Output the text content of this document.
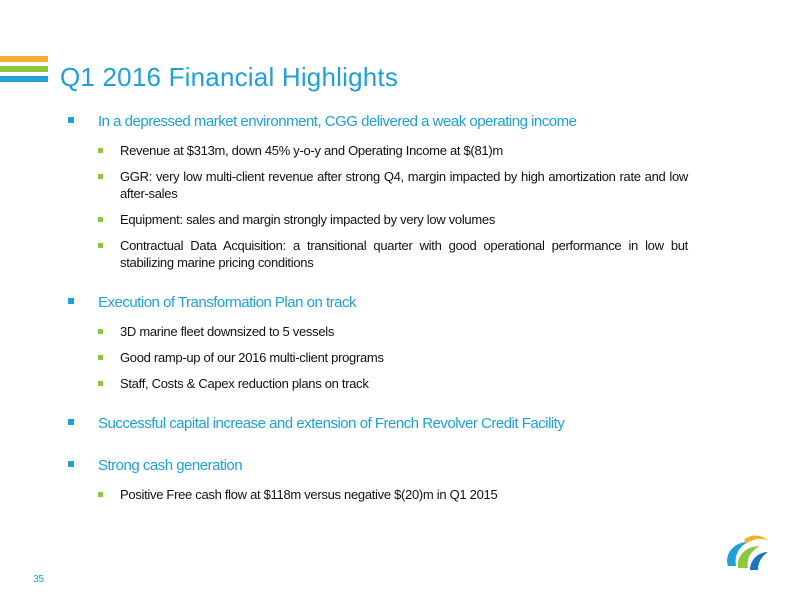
Q1 2016 Financial Highlights
In a depressed market environment, CGG delivered a weak operating income
Revenue at $313m, down 45% y-o-y and Operating Income at $(81)m
GGR: very low multi-client revenue after strong Q4, margin impacted by high amortization rate and low after-sales
Equipment: sales and margin strongly impacted by very low volumes
Contractual Data Acquisition: a transitional quarter with good operational performance in low but stabilizing marine pricing conditions
Execution of Transformation Plan on track
3D marine fleet downsized to 5 vessels
Good ramp-up of our 2016 multi-client programs
Staff, Costs & Capex reduction plans on track
Successful capital increase and extension of French Revolver Credit Facility
Strong cash generation
Positive Free cash flow at $118m versus negative $(20)m in Q1 2015
35
